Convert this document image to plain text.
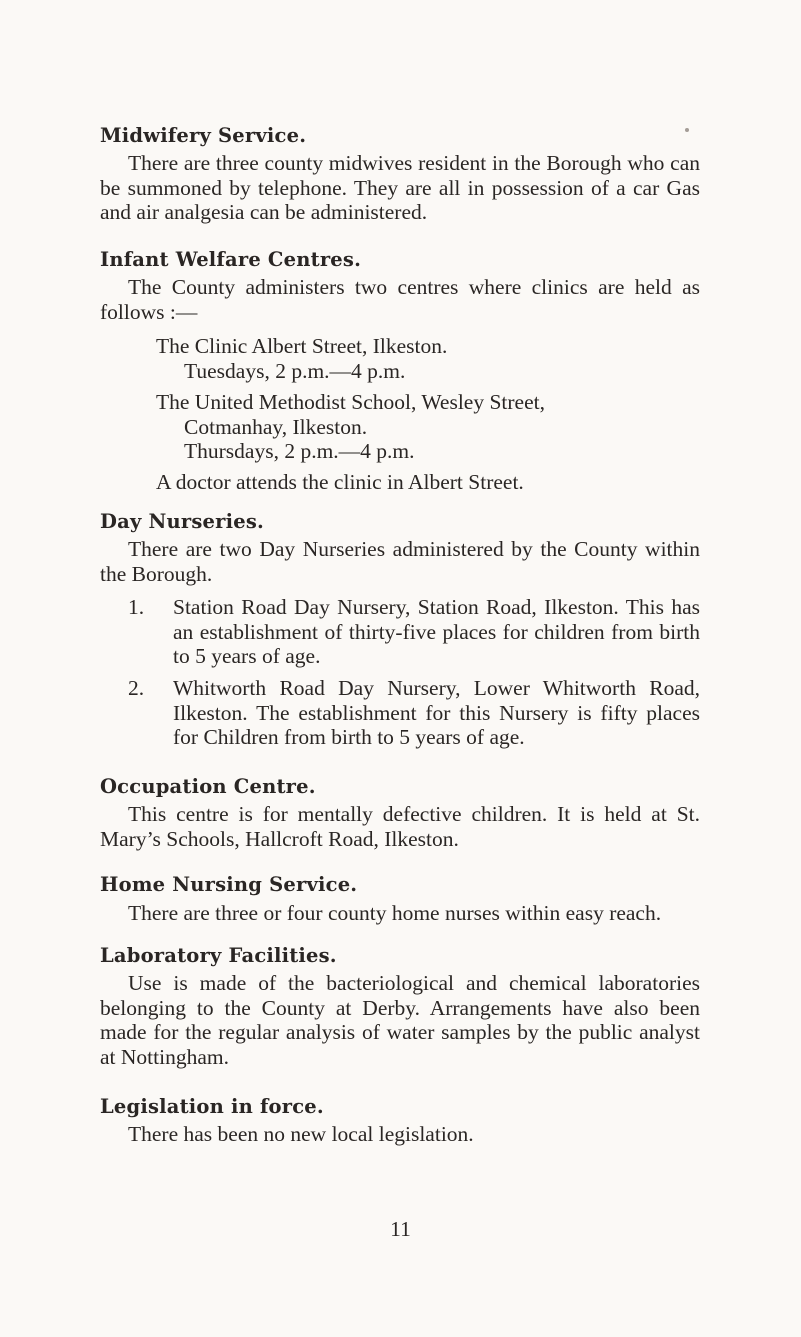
Midwifery Service.

There are three county midwives resident in the Borough who can be summoned by telephone. They are all in possession of a car Gas and air analgesia can be administered.

Infant Welfare Centres.

The County administers two centres where clinics are held as follows :—

The Clinic Albert Street, Ilkeston.
Tuesdays, 2 p.m.—4 p.m.
The United Methodist School, Wesley Street,
Cotmanhay, Ilkeston.
Thursdays, 2 p.m.—4 p.m.

A doctor attends the clinic in Albert Street.

Day Nurseries.

There are two Day Nurseries administered by the County within the Borough.

1. Station Road Day Nursery, Station Road, Ilkeston. This has an establishment of thirty-five places for children from birth to 5 years of age.
2. Whitworth Road Day Nursery, Lower Whitworth Road, Ilkeston. The establishment for this Nursery is fifty places for Children from birth to 5 years of age.
Occupation Centre.

This centre is for mentally defective children. It is held at St. Mary’s Schools, Hallcroft Road, Ilkeston.

Home Nursing Service.

There are three or four county home nurses within easy reach.

Laboratory Facilities.

Use is made of the bacteriological and chemical laboratories belonging to the County at Derby. Arrangements have also been made for the regular analysis of water samples by the public analyst at Nottingham.

Legislation in force.

There has been no new local legislation.

11
